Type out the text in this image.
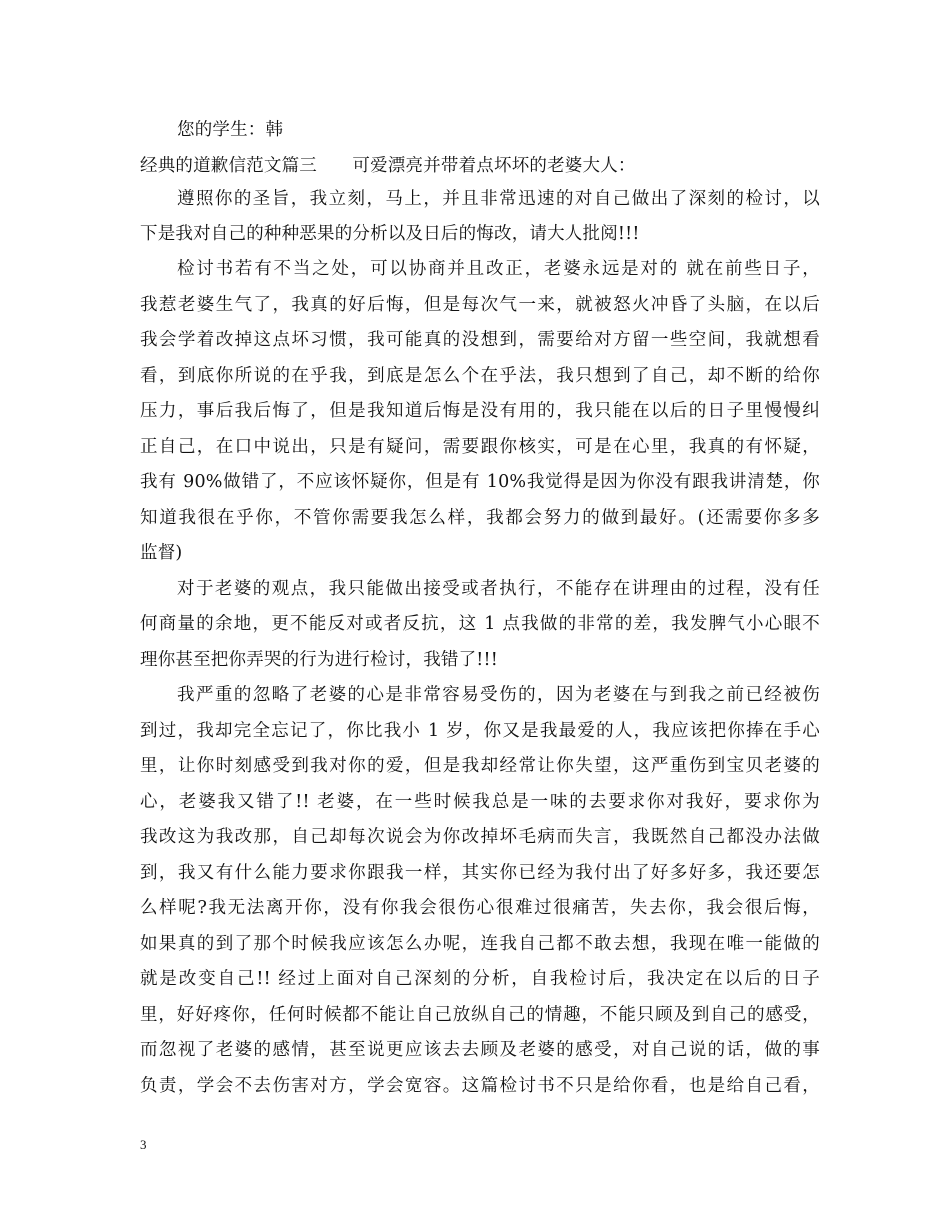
您的学生：韩
经典的道歉信范文篇三　　可爱漂亮并带着点坏坏的老婆大人：
遵照你的圣旨，我立刻，马上，并且非常迅速的对自己做出了深刻的检讨，以
下是我对自己的种种恶果的分析以及日后的悔改，请大人批阅!!!
检讨书若有不当之处，可以协商并且改正，老婆永远是对的 就在前些日子，
我惹老婆生气了，我真的好后悔，但是每次气一来，就被怒火冲昏了头脑，在以后
我会学着改掉这点坏习惯，我可能真的没想到，需要给对方留一些空间，我就想看
看，到底你所说的在乎我，到底是怎么个在乎法，我只想到了自己，却不断的给你
压力，事后我后悔了，但是我知道后悔是没有用的，我只能在以后的日子里慢慢纠
正自己，在口中说出，只是有疑问，需要跟你核实，可是在心里，我真的有怀疑，
我有 90%做错了，不应该怀疑你，但是有 10%我觉得是因为你没有跟我讲清楚，你
知道我很在乎你，不管你需要我怎么样，我都会努力的做到最好。(还需要你多多
监督)
对于老婆的观点，我只能做出接受或者执行，不能存在讲理由的过程，没有任
何商量的余地，更不能反对或者反抗，这 1 点我做的非常的差，我发脾气小心眼不
理你甚至把你弄哭的行为进行检讨，我错了!!!
我严重的忽略了老婆的心是非常容易受伤的，因为老婆在与到我之前已经被伤
到过，我却完全忘记了，你比我小 1 岁，你又是我最爱的人，我应该把你捧在手心
里，让你时刻感受到我对你的爱，但是我却经常让你失望，这严重伤到宝贝老婆的
心，老婆我又错了!! 老婆，在一些时候我总是一味的去要求你对我好，要求你为
我改这为我改那，自己却每次说会为你改掉坏毛病而失言，我既然自己都没办法做
到，我又有什么能力要求你跟我一样，其实你已经为我付出了好多好多，我还要怎
么样呢?我无法离开你，没有你我会很伤心很难过很痛苦，失去你，我会很后悔，
如果真的到了那个时候我应该怎么办呢，连我自己都不敢去想，我现在唯一能做的
就是改变自己!! 经过上面对自己深刻的分析，自我检讨后，我决定在以后的日子
里，好好疼你，任何时候都不能让自己放纵自己的情趣，不能只顾及到自己的感受，
而忽视了老婆的感情，甚至说更应该去去顾及老婆的感受，对自己说的话，做的事
负责，学会不去伤害对方，学会宽容。这篇检讨书不只是给你看，也是给自己看，
3
